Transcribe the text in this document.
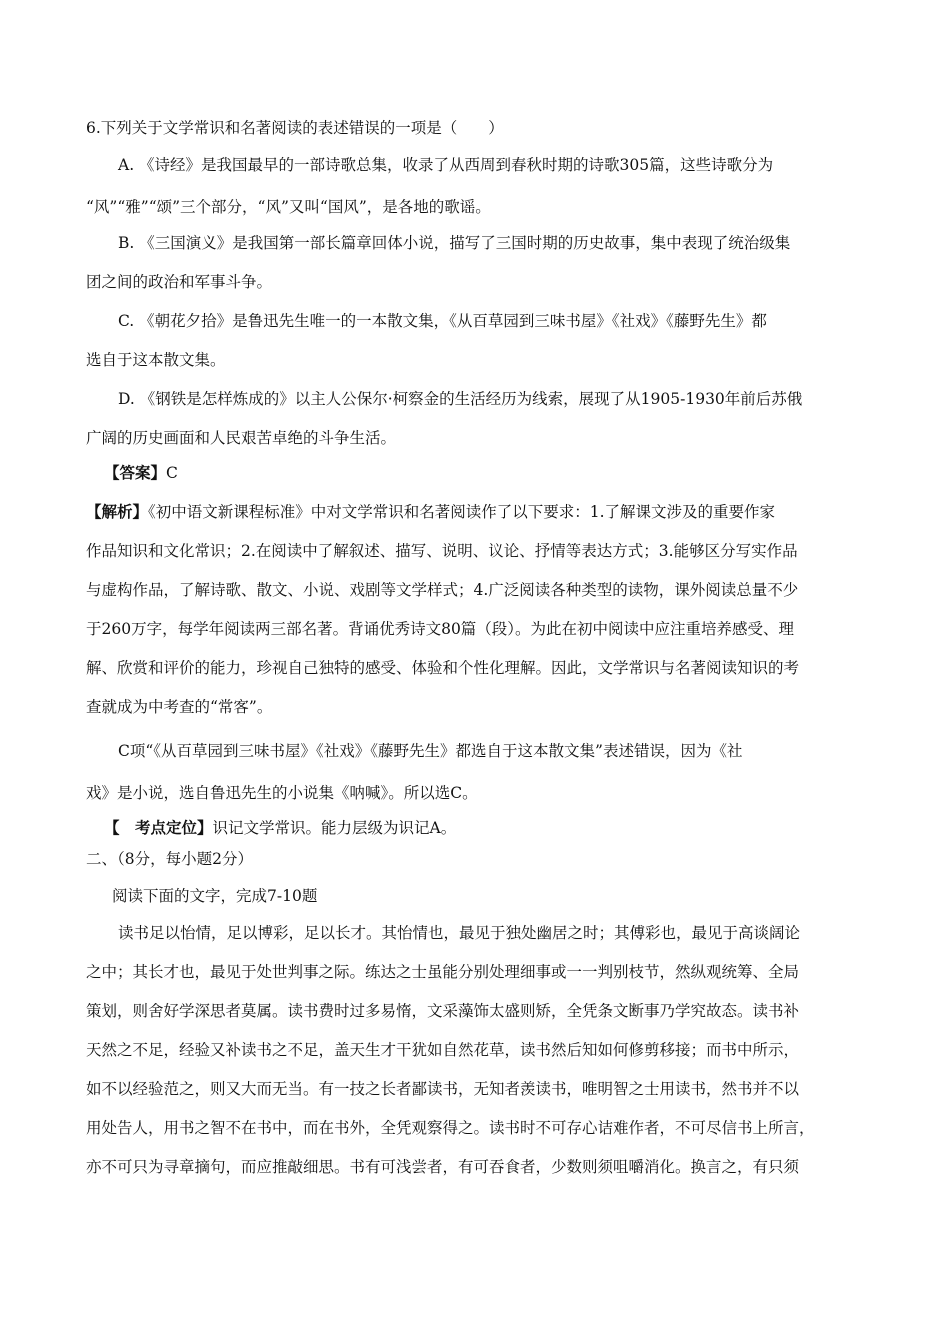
6.下列关于文学常识和名著阅读的表述错误的一项是（　　）
A. 《诗经》是我国最早的一部诗歌总集，收录了从西周到春秋时期的诗歌305篇，这些诗歌分为
“风”“雅”“颂”三个部分，“风”又叫“国风”，是各地的歌谣。
B. 《三国演义》是我国第一部长篇章回体小说，描写了三国时期的历史故事，集中表现了统治级集
团之间的政治和军事斗争。
C. 《朝花夕拾》是鲁迅先生唯一的一本散文集，《从百草园到三味书屋》《社戏》《藤野先生》都
选自于这本散文集。
D. 《钢铁是怎样炼成的》以主人公保尔·柯察金的生活经历为线索，展现了从1905-1930年前后苏俄
广阔的历史画面和人民艰苦卓绝的斗争生活。
【答案】C
【解析】《初中语文新课程标准》中对文学常识和名著阅读作了以下要求：1.了解课文涉及的重要作家
作品知识和文化常识；2.在阅读中了解叙述、描写、说明、议论、抒情等表达方式；3.能够区分写实作品
与虚构作品，了解诗歌、散文、小说、戏剧等文学样式；4.广泛阅读各种类型的读物，课外阅读总量不少
于260万字，每学年阅读两三部名著。背诵优秀诗文80篇（段）。为此在初中阅读中应注重培养感受、理
解、欣赏和评价的能力，珍视自己独特的感受、体验和个性化理解。因此，文学常识与名著阅读知识的考
查就成为中考查的“常客”。
C项“《从百草园到三味书屋》《社戏》《藤野先生》都选自于这本散文集”表述错误，因为《社
戏》是小说，选自鲁迅先生的小说集《呐喊》。所以选C。
【　考点定位】识记文学常识。能力层级为识记A。
二、（8分，每小题2分）
阅读下面的文字，完成7-10题
读书足以怡情，足以博彩，足以长才。其怡情也，最见于独处幽居之时；其傅彩也，最见于高谈阔论
之中；其长才也，最见于处世判事之际。练达之士虽能分别处理细事或一一判别枝节，然纵观统筹、全局
策划，则舍好学深思者莫属。读书费时过多易惰，文采藻饰太盛则矫，全凭条文断事乃学究故态。读书补
天然之不足，经验又补读书之不足，盖天生才干犹如自然花草，读书然后知如何修剪移接；而书中所示，
如不以经验范之，则又大而无当。有一技之长者鄙读书，无知者羡读书，唯明智之士用读书，然书并不以
用处告人，用书之智不在书中，而在书外，全凭观察得之。读书时不可存心诘难作者，不可尽信书上所言，
亦不可只为寻章摘句，而应推敲细思。书有可浅尝者，有可吞食者，少数则须咀嚼消化。换言之，有只须
